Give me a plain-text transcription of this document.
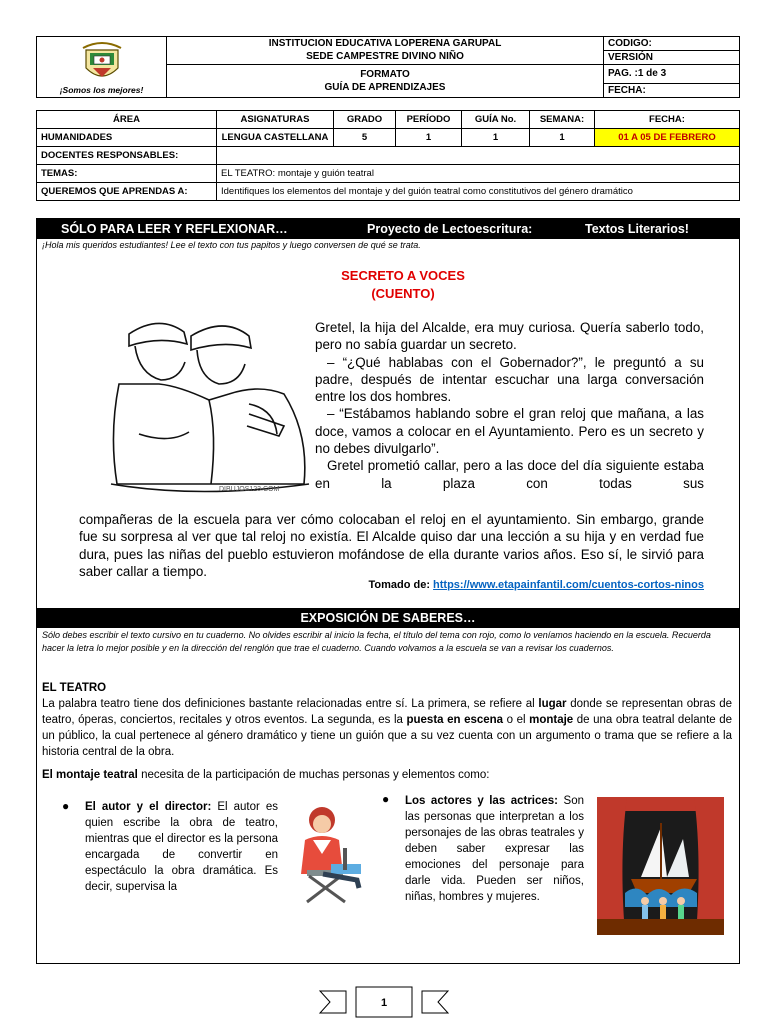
¡Somos los mejores!	INSTITUCION EDUCATIVA LOPERENA GARUPAL
SEDE CAMPESTRE DIVINO NIÑO	CODIGO:
		VERSIÓN

	FORMATO
GUÍA DE APRENDIZAJES	PAG. :1 de 3
		FECHA:
ÁREA	ASIGNATURAS	GRADO	PERÍODO	GUÍA No.	SEMANA:	FECHA:
HUMANIDADES	LENGUA CASTELLANA	5	1	1	1	01 A 05 DE FEBRERO
DOCENTES RESPONSABLES:						
TEMAS:	EL TEATRO: montaje y guión teatral					
QUEREMOS QUE APRENDAS A:	Identifiques los elementos del montaje y del guión teatral como constitutivos del género dramático					
SÓLO PARA LEER Y REFLEXIONAR…	Proyecto de Lectoescritura:	Textos Literarios!
¡Hola mis queridos estudiantes! Lee el texto con tus papitos y luego conversen de qué se trata.
SECRETO A VOCES
(CUENTO)
DIBUJOS123.COM

Gretel, la hija del Alcalde, era muy curiosa. Quería saberlo todo, pero no sabía guardar un secreto.

– “¿Qué hablabas con el Gobernador?”, le preguntó a su padre, después de intentar escuchar una larga conversación entre los dos hombres.

– “Estábamos hablando sobre el gran reloj que mañana, a las doce, vamos a colocar en el Ayuntamiento. Pero es un secreto y no debes divulgarlo”.

Gretel prometió callar, pero a las doce del día siguiente estaba en la plaza con todas sus

compañeras de la escuela para ver cómo colocaban el reloj en el ayuntamiento. Sin embargo, grande fue su sorpresa al ver que tal reloj no existía. El Alcalde quiso dar una lección a su hija y en verdad fue dura, pues las niñas del pueblo estuvieron mofándose de ella durante varios años. Eso sí, le sirvió para saber callar a tiempo.
Tomado de: https://www.etapainfantil.com/cuentos-cortos-ninos
EXPOSICIÓN DE SABERES…
Sólo debes escribir el texto cursivo en tu cuaderno. No olvides escribir al inicio la fecha, el título del tema con rojo, como lo veníamos haciendo en la escuela. Recuerda hacer la letra lo mejor posible y en la dirección del renglón que trae el cuaderno. Cuando volvamos a la escuela se van a revisar los cuadernos.
EL TEATRO
La palabra teatro tiene dos definiciones bastante relacionadas entre sí. La primera, se refiere al lugar donde se representan obras de teatro, óperas, conciertos, recitales y otros eventos. La segunda, es la puesta en escena o el montaje de una obra teatral delante de un público, la cual pertenece al género dramático y tiene un guión que a su vez cuenta con un argumento o trama que se refiere a la historia central de la obra.
El montaje teatral necesita de la participación de muchas personas y elementos como:
● El autor y el director: El autor es quien escribe la obra de teatro, mientras que el director es la persona encargada de convertir en espectáculo la obra dramática. Es decir, supervisa la
● Los actores y las actrices: Son las personas que interpretan a los personajes de las obras teatrales y deben saber expresar las emociones del personaje para darle vida. Pueden ser niños, niñas, hombres y mujeres.
1
